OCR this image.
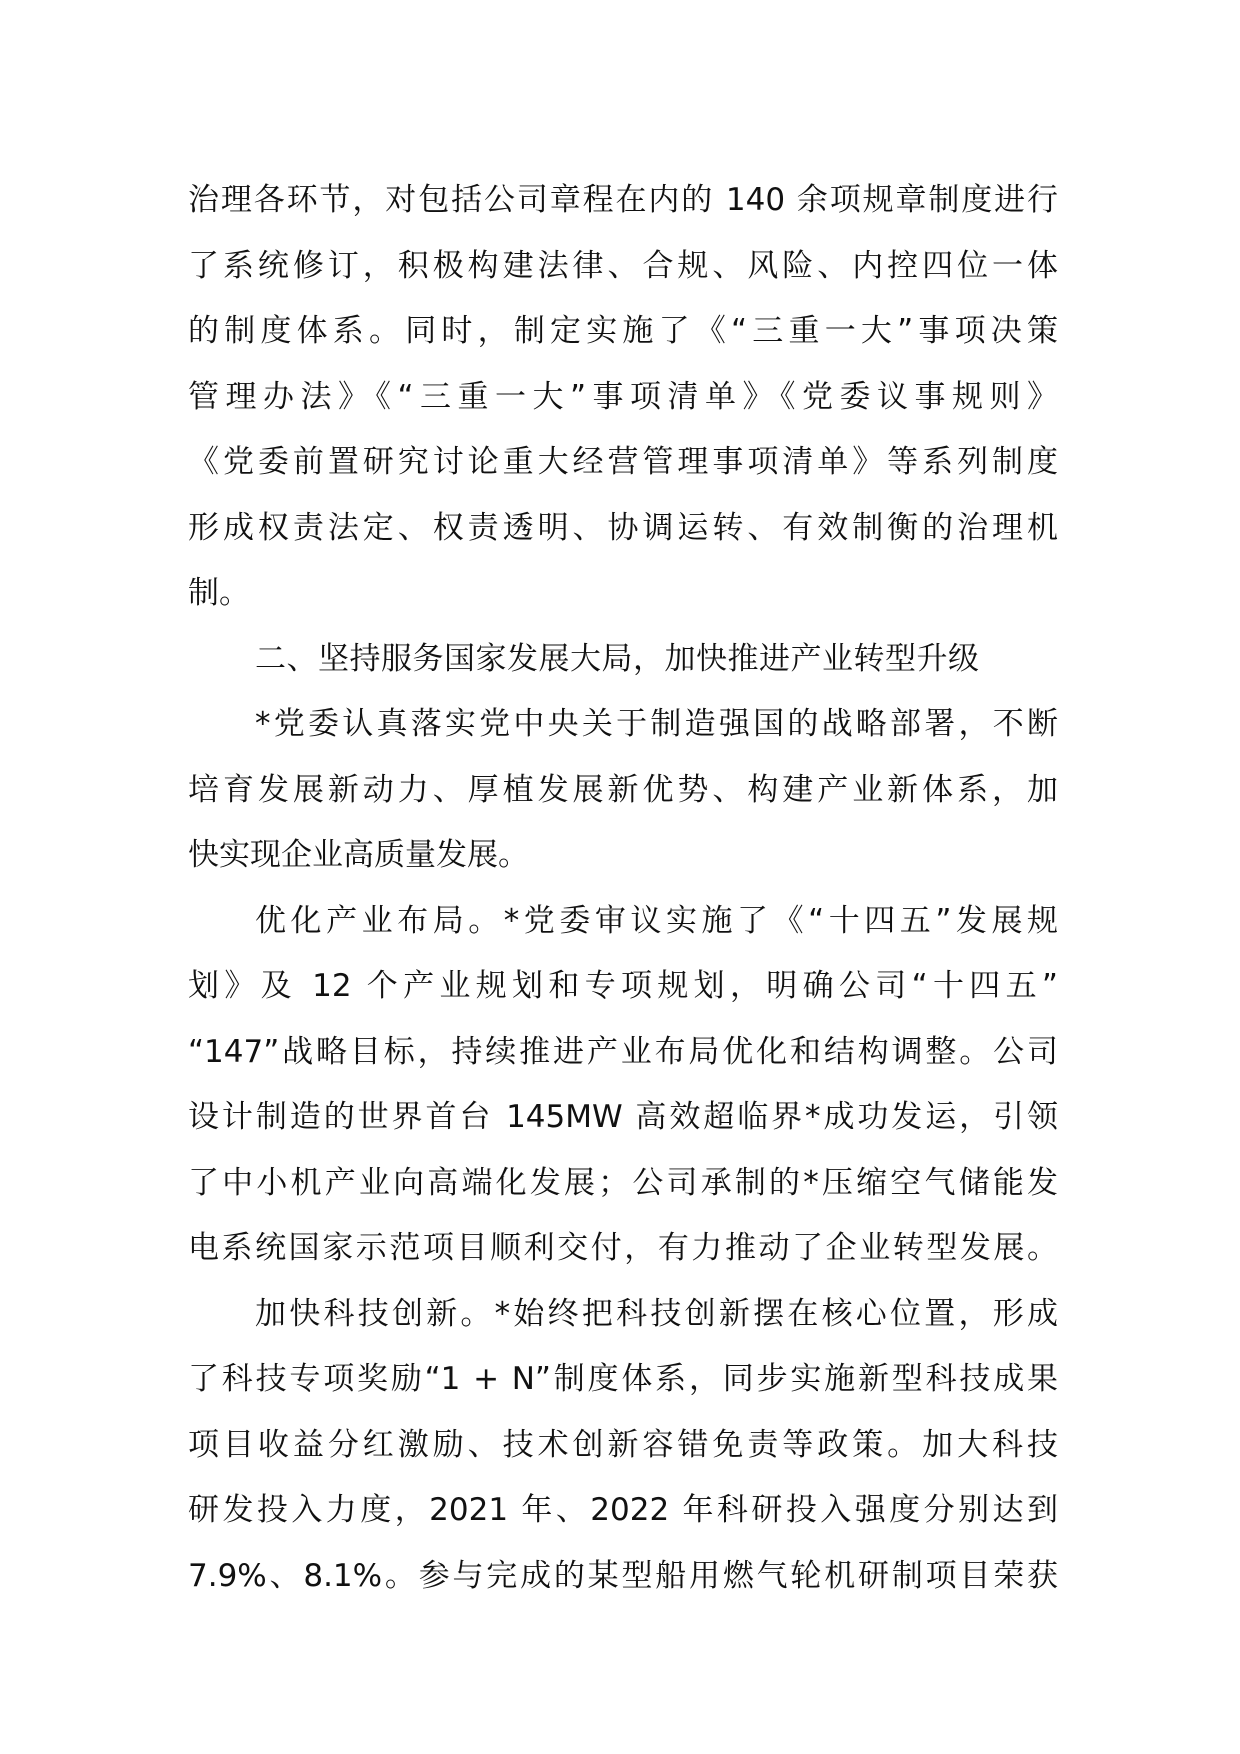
治理各环节，对包括公司章程在内的 140 余项规章制度进行
了系统修订，积极构建法律、合规、风险、内控四位一体
的制度体系。同时，制定实施了《“三重一大”事项决策
管理办法》《“三重一大”事项清单》《党委议事规则》
《党委前置研究讨论重大经营管理事项清单》等系列制度
形成权责法定、权责透明、协调运转、有效制衡的治理机
制。
二、坚持服务国家发展大局，加快推进产业转型升级
*党委认真落实党中央关于制造强国的战略部署，不断
培育发展新动力、厚植发展新优势、构建产业新体系，加
快实现企业高质量发展。
优化产业布局。*党委审议实施了《“十四五”发展规
划》及 12 个产业规划和专项规划，明确公司“十四五”
“147”战略目标，持续推进产业布局优化和结构调整。公司
设计制造的世界首台 145MW 高效超临界*成功发运，引领
了中小机产业向高端化发展；公司承制的*压缩空气储能发
电系统国家示范项目顺利交付，有力推动了企业转型发展。
加快科技创新。*始终把科技创新摆在核心位置，形成
了科技专项奖励“1 + N”制度体系，同步实施新型科技成果
项目收益分红激励、技术创新容错免责等政策。加大科技
研发投入力度，2021 年、2022 年科研投入强度分别达到
7.9%、8.1%。参与完成的某型船用燃气轮机研制项目荣获
